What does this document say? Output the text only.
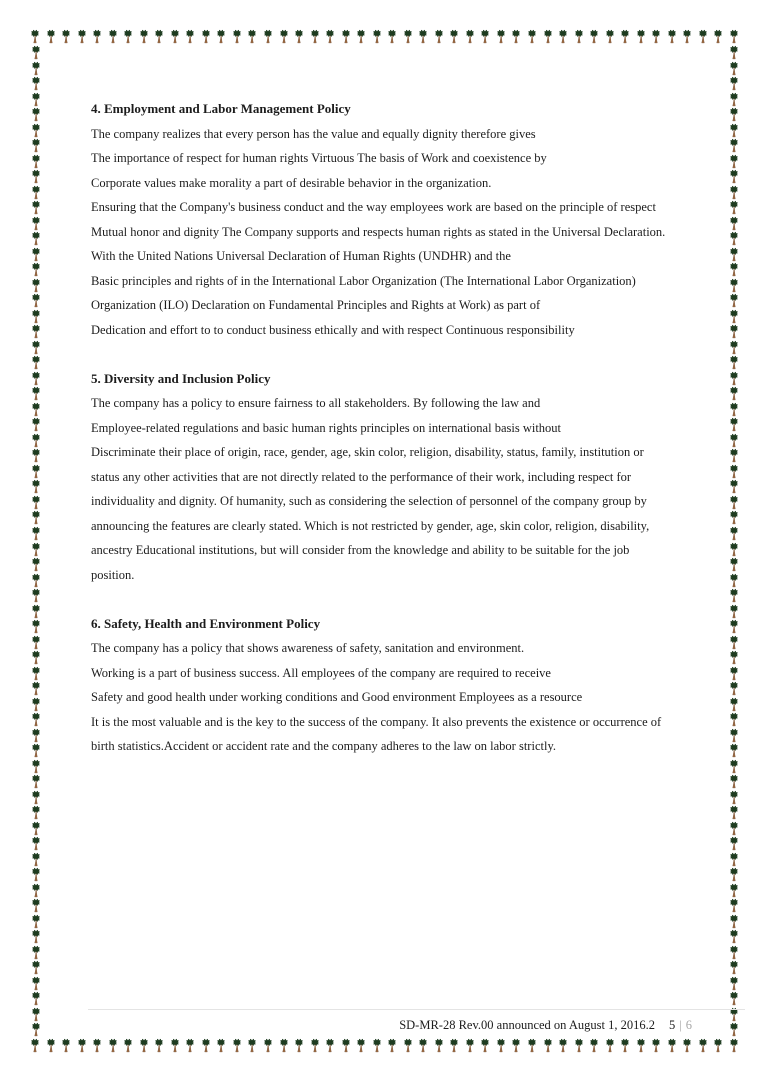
4. Employment and Labor Management Policy
The company realizes that every person has the value and equally dignity therefore gives
The importance of respect for human rights Virtuous The basis of Work and coexistence by
Corporate values make morality a part of desirable behavior in the organization.
Ensuring that the Company's business conduct and the way employees work are based on the principle of respect
Mutual honor and dignity The Company supports and respects human rights as stated in the Universal Declaration.
With the United Nations Universal Declaration of Human Rights (UNDHR) and the
Basic principles and rights of in the International Labor Organization (The International Labor Organization)
Organization (ILO) Declaration on Fundamental Principles and Rights at Work) as part of
Dedication and effort to to conduct business ethically and with respect Continuous responsibility
5. Diversity and Inclusion Policy
The company has a policy to ensure fairness to all stakeholders. By following the law and
Employee-related regulations and basic human rights principles on international basis without
Discriminate their place of origin, race, gender, age, skin color, religion, disability, status, family, institution or
status any other activities that are not directly related to the performance of their work, including respect for
individuality and dignity. Of humanity, such as considering the selection of personnel of the company group by
announcing the features are clearly stated. Which is not restricted by gender, age, skin color, religion, disability,
ancestry Educational institutions, but will consider from the knowledge and ability to be suitable for the job
position.
6. Safety, Health and Environment Policy
The company has a policy that shows awareness of safety, sanitation and environment.
Working is a part of business success. All employees of the company are required to receive
Safety and good health under working conditions and Good environment Employees as a resource
It is the most valuable and is the key to the success of the company. It also prevents the existence or occurrence of
birth statistics.Accident or accident rate and the company adheres to the law on labor strictly.
SD-MR-28 Rev.00 announced on August 1, 2016.2 5 | 6
